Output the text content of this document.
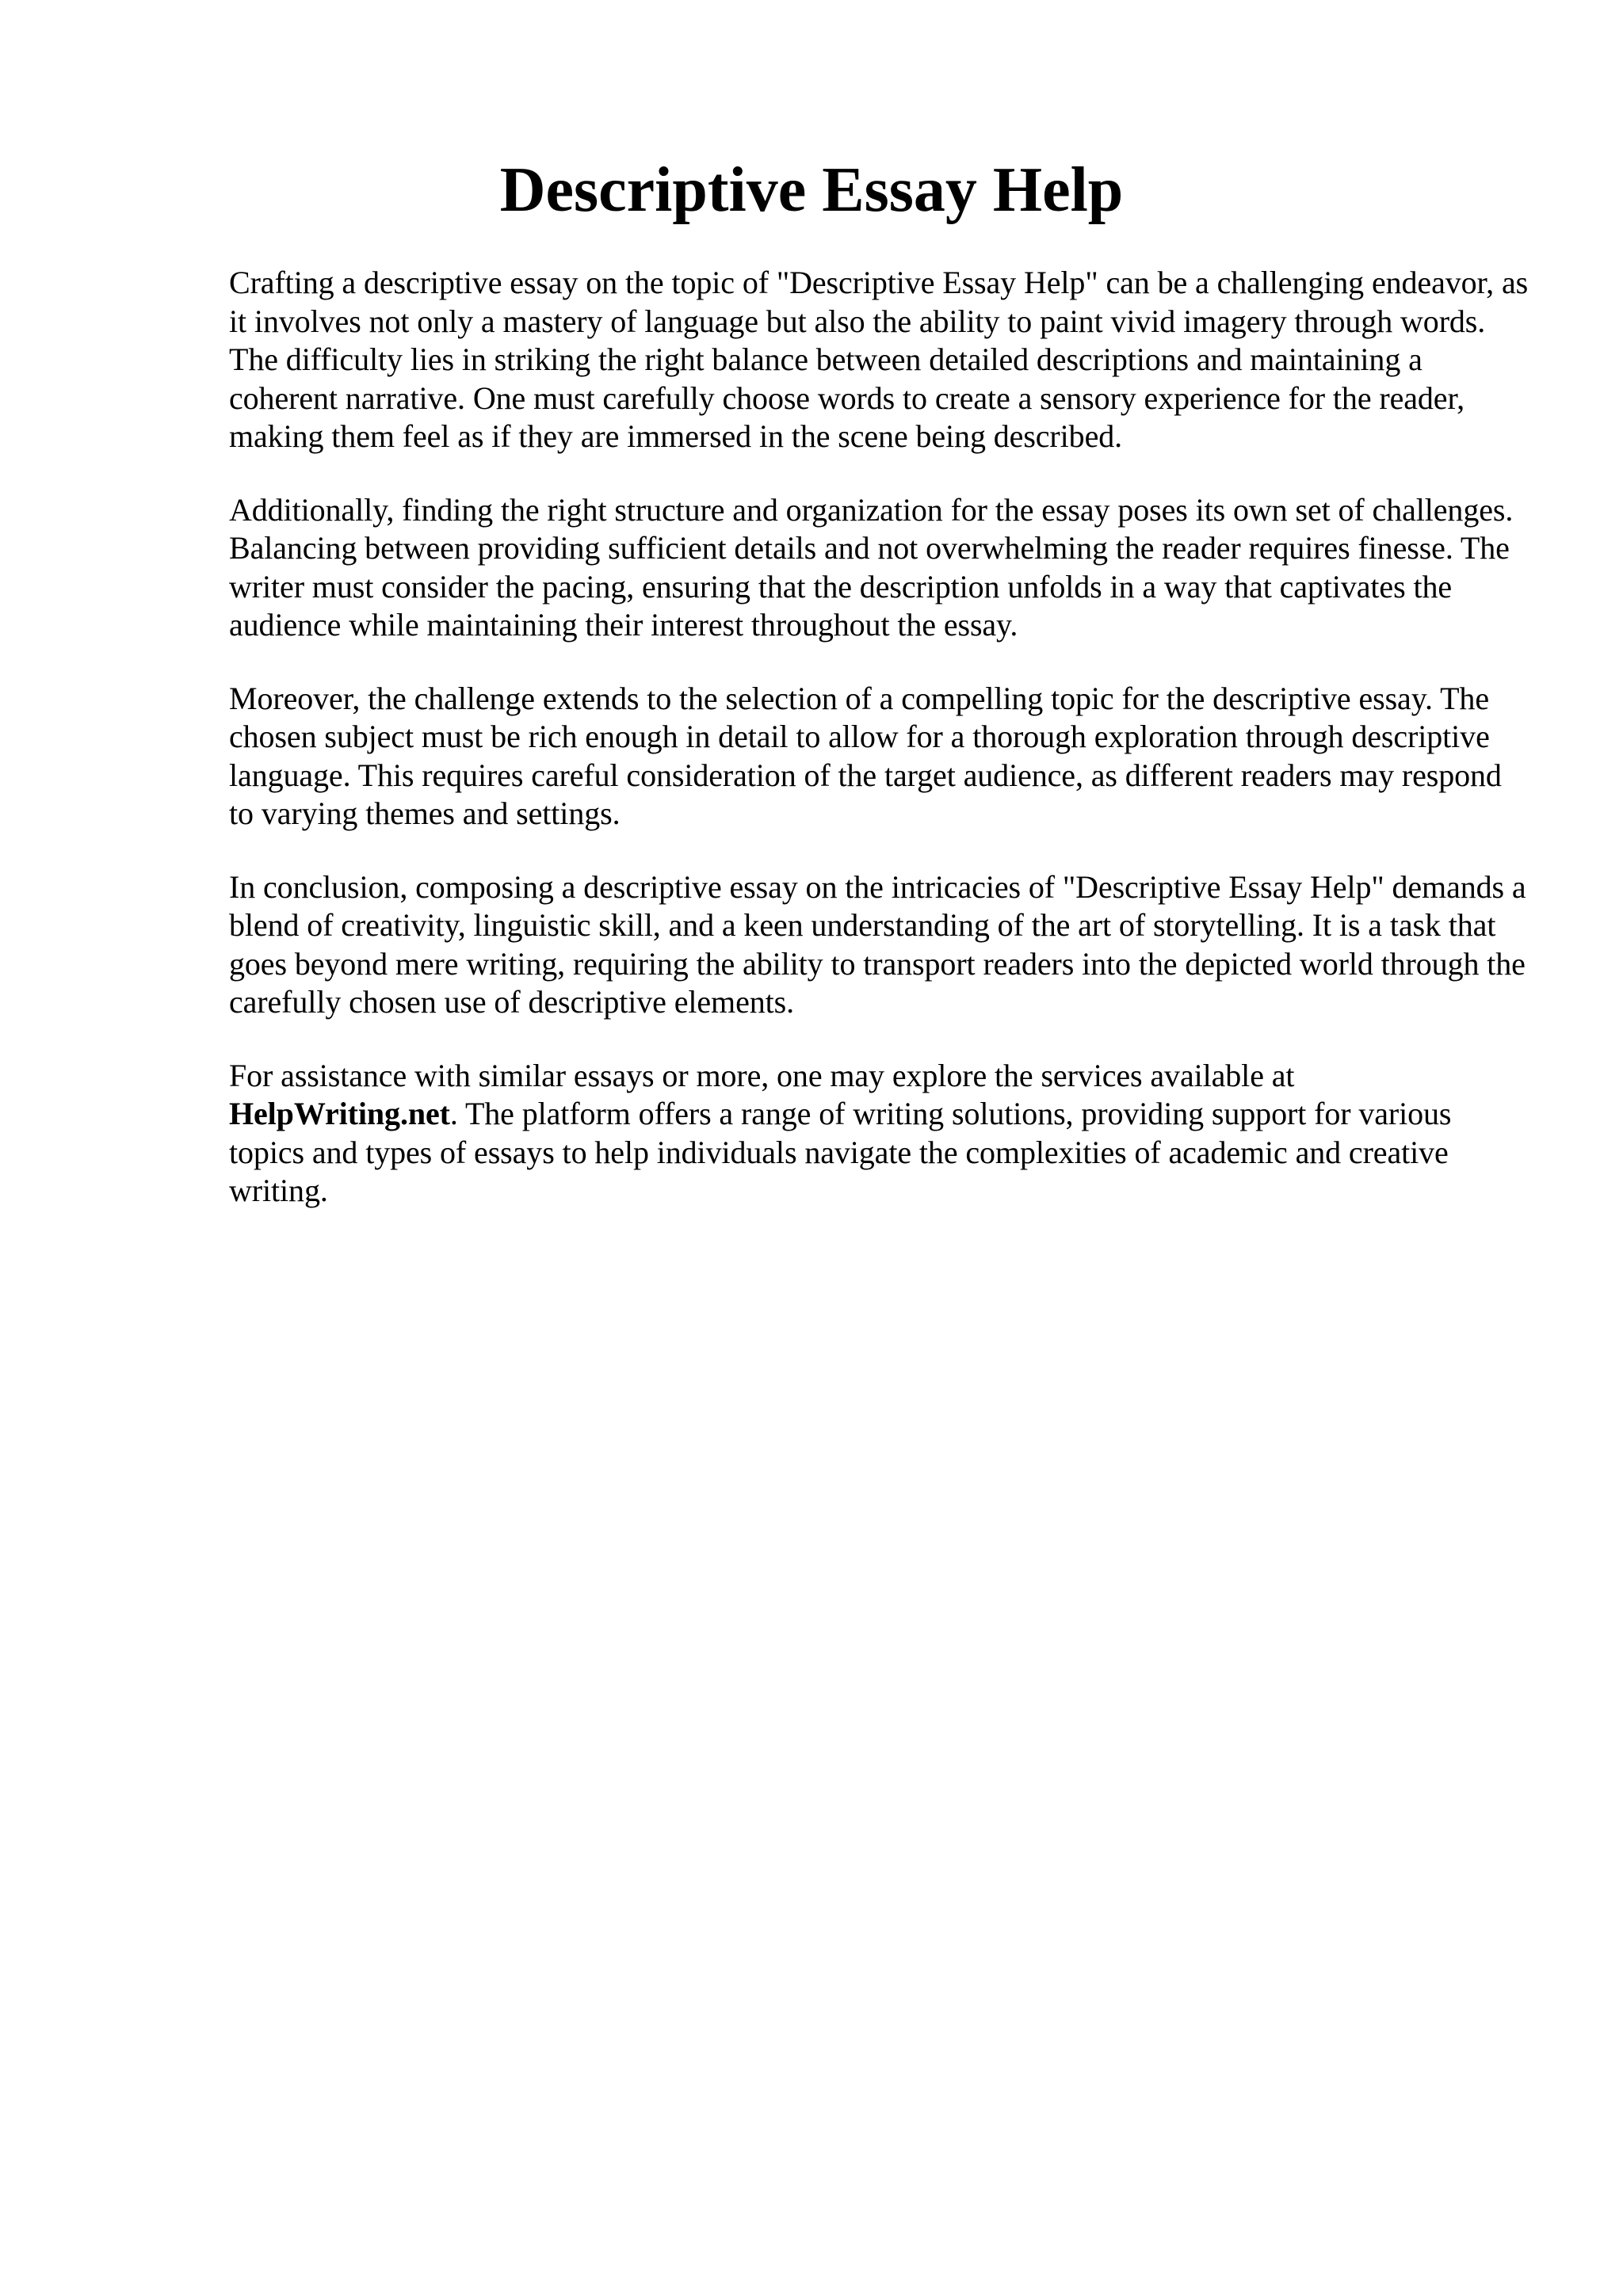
Descriptive Essay Help

Crafting a descriptive essay on the topic of "Descriptive Essay Help" can be a challenging endeavor, as it involves not only a mastery of language but also the ability to paint vivid imagery through words. The difficulty lies in striking the right balance between detailed descriptions and maintaining a coherent narrative. One must carefully choose words to create a sensory experience for the reader, making them feel as if they are immersed in the scene being described.

Additionally, finding the right structure and organization for the essay poses its own set of challenges. Balancing between providing sufficient details and not overwhelming the reader requires finesse. The writer must consider the pacing, ensuring that the description unfolds in a way that captivates the audience while maintaining their interest throughout the essay.

Moreover, the challenge extends to the selection of a compelling topic for the descriptive essay. The chosen subject must be rich enough in detail to allow for a thorough exploration through descriptive language. This requires careful consideration of the target audience, as different readers may respond to varying themes and settings.

In conclusion, composing a descriptive essay on the intricacies of "Descriptive Essay Help" demands a blend of creativity, linguistic skill, and a keen understanding of the art of storytelling. It is a task that goes beyond mere writing, requiring the ability to transport readers into the depicted world through the carefully chosen use of descriptive elements.

For assistance with similar essays or more, one may explore the services available at HelpWriting.net. The platform offers a range of writing solutions, providing support for various topics and types of essays to help individuals navigate the complexities of academic and creative writing.
